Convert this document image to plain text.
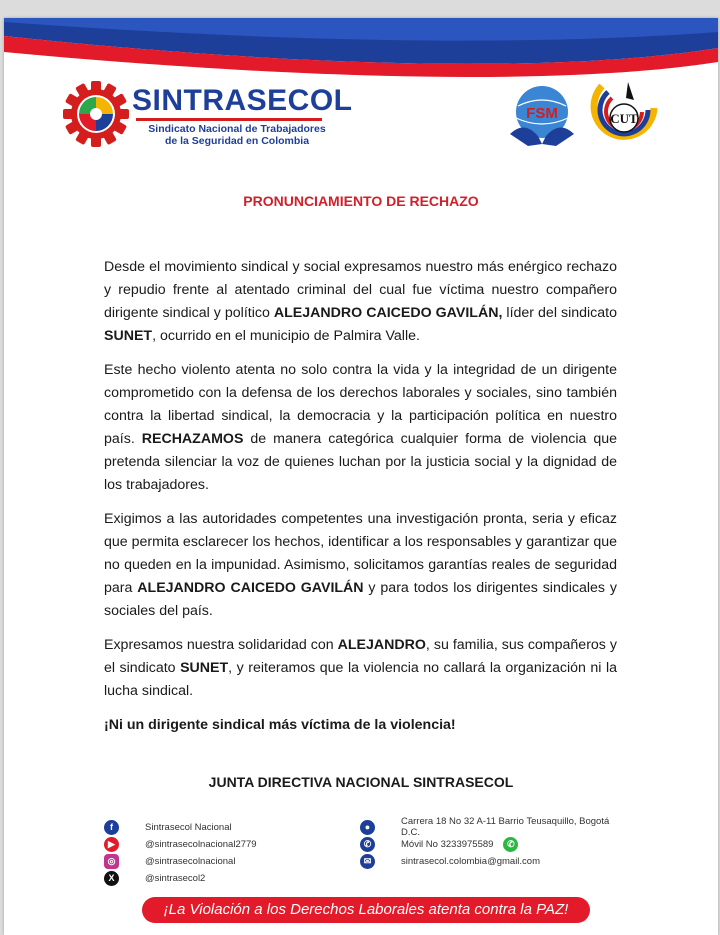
SINTRASECOL
Sindicato Nacional de Trabajadores
de la Seguridad en Colombia
FSM	CUT
PRONUNCIAMIENTO DE RECHAZO

Desde el movimiento sindical y social expresamos nuestro más enérgico rechazo y repudio frente al atentado criminal del cual fue víctima nuestro compañero dirigente sindical y político ALEJANDRO CAICEDO GAVILÁN, líder del sindicato SUNET, ocurrido en el municipio de Palmira Valle.

Este hecho violento atenta no solo contra la vida y la integridad de un dirigente comprometido con la defensa de los derechos laborales y sociales, sino también contra la libertad sindical, la democracia y la participación política en nuestro país. RECHAZAMOS de manera categórica cualquier forma de violencia que pretenda silenciar la voz de quienes luchan por la justicia social y la dignidad de los trabajadores.

Exigimos a las autoridades competentes una investigación pronta, seria y eficaz que permita esclarecer los hechos, identificar a los responsables y garantizar que no queden en la impunidad. Asimismo, solicitamos garantías reales de seguridad para ALEJANDRO CAICEDO GAVILÁN y para todos los dirigentes sindicales y sociales del país.

Expresamos nuestra solidaridad con ALEJANDRO, su familia, sus compañeros y el sindicato SUNET, y reiteramos que la violencia no callará la organización ni la lucha sindical.

¡Ni un dirigente sindical más víctima de la violencia!

JUNTA DIRECTIVA NACIONAL SINTRASECOL
f	Sintrasecol Nacional
▶	@sintrasecolnacional2779
◎	@sintrasecolnacional
X	@sintrasecol2
●	Carrera 18 No 32 A-11 Barrio Teusaquillo, Bogotá D.C.
✆	Móvil No 3233975589	✆
✉	sintrasecol.colombia@gmail.com
¡La Violación a los Derechos Laborales atenta contra la PAZ!
